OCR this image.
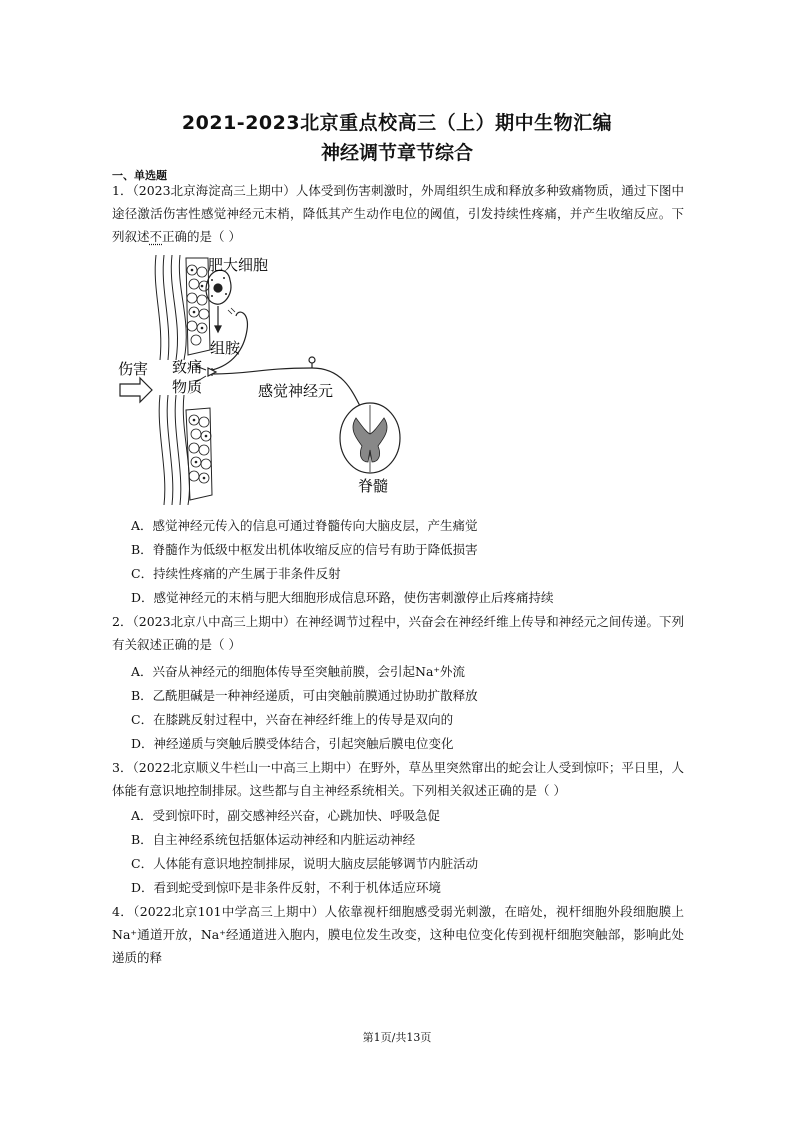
2021-2023北京重点校高三（上）期中生物汇编
神经调节章节综合
一、单选题
1．（2023北京海淀高三上期中）人体受到伤害刺激时，外周组织生成和释放多种致痛物质，通过下图中途径激活伤害性感觉神经元末梢，降低其产生动作电位的阈值，引发持续性疼痛，并产生收缩反应。下列叙述不正确的是（ ）
肥大细胞
组胺
伤害 致痛
物质	感觉神经元
脊髓
A．感觉神经元传入的信息可通过脊髓传向大脑皮层，产生痛觉
B．脊髓作为低级中枢发出机体收缩反应的信号有助于降低损害
C．持续性疼痛的产生属于非条件反射
D．感觉神经元的末梢与肥大细胞形成信息环路，使伤害刺激停止后疼痛持续
2．（2023北京八中高三上期中）在神经调节过程中，兴奋会在神经纤维上传导和神经元之间传递。下列有关叙述正确的是（ ）
A．兴奋从神经元的细胞体传导至突触前膜，会引起Na⁺外流
B．乙酰胆碱是一种神经递质，可由突触前膜通过协助扩散释放
C．在膝跳反射过程中，兴奋在神经纤维上的传导是双向的
D．神经递质与突触后膜受体结合，引起突触后膜电位变化
3．（2022北京顺义牛栏山一中高三上期中）在野外，草丛里突然窜出的蛇会让人受到惊吓；平日里，人体能有意识地控制排尿。这些都与自主神经系统相关。下列相关叙述正确的是（ ）
A．受到惊吓时，副交感神经兴奋，心跳加快、呼吸急促
B．自主神经系统包括躯体运动神经和内脏运动神经
C．人体能有意识地控制排尿，说明大脑皮层能够调节内脏活动
D．看到蛇受到惊吓是非条件反射，不利于机体适应环境
4．（2022北京101中学高三上期中）人依靠视杆细胞感受弱光刺激，在暗处，视杆细胞外段细胞膜上Na⁺通道开放，Na⁺经通道进入胞内，膜电位发生改变，这种电位变化传到视杆细胞突触部，影响此处递质的释
第1页/共13页
